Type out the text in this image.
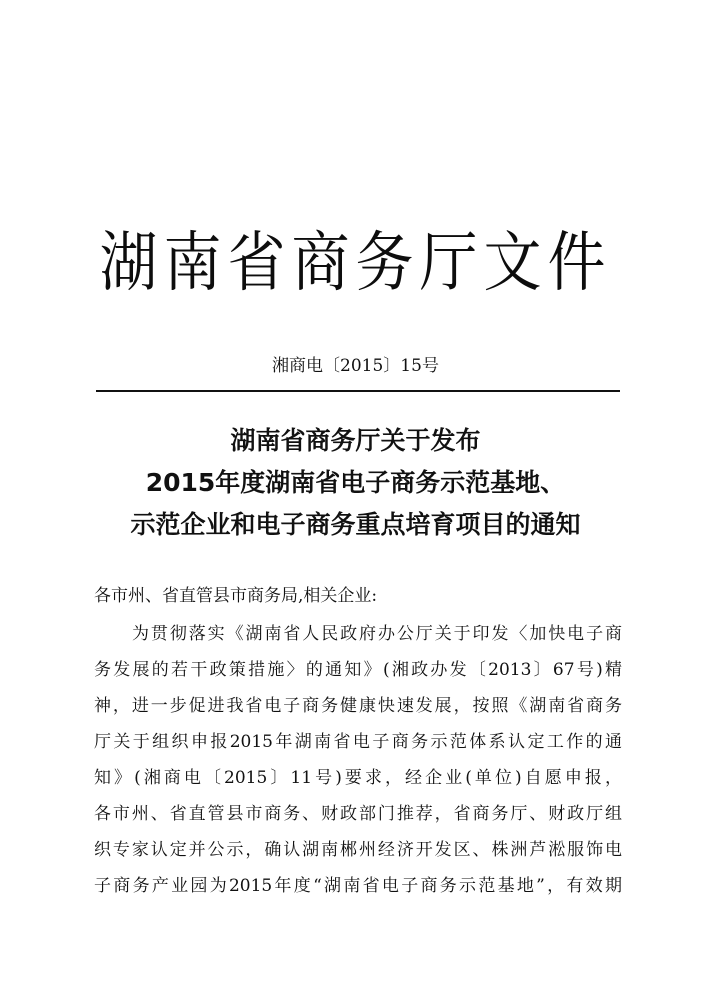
湖南省商务厅文件
湘商电〔2015〕15号
湖南省商务厅关于发布
2015年度湖南省电子商务示范基地、
示范企业和电子商务重点培育项目的通知
各市州、省直管县市商务局,相关企业:
为贯彻落实《湖南省人民政府办公厅关于印发〈加快电子商
务发展的若干政策措施〉的通知》(湘政办发〔2013〕67号)精
神，进一步促进我省电子商务健康快速发展，按照《湖南省商务
厅关于组织申报2015年湖南省电子商务示范体系认定工作的通
知》(湘商电〔2015〕11号)要求，经企业(单位)自愿申报，
各市州、省直管县市商务、财政部门推荐，省商务厅、财政厅组
织专家认定并公示，确认湖南郴州经济开发区、株洲芦淞服饰电
子商务产业园为2015年度“湖南省电子商务示范基地”，有效期
